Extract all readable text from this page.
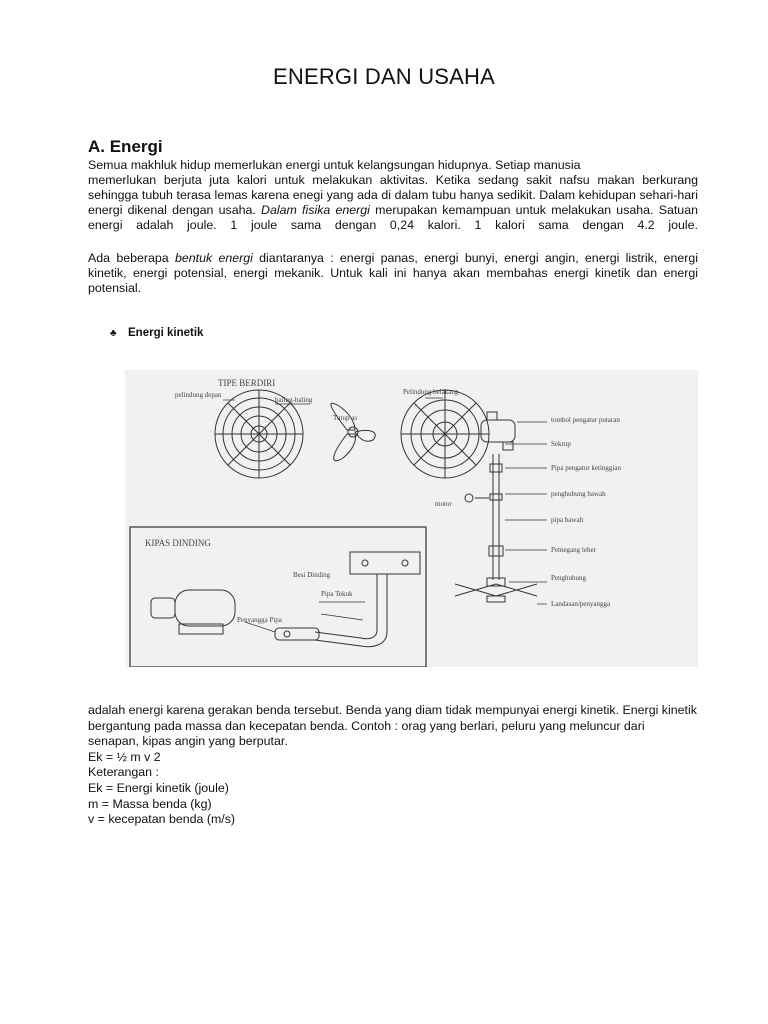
ENERGI DAN USAHA
A. Energi
Semua makhluk hidup memerlukan energi untuk kelangsungan hidupnya. Setiap manusia
memerlukan berjuta juta kalori untuk melakukan aktivitas. Ketika sedang sakit nafsu makan berkurang
sehingga tubuh terasa lemas karena enegi yang ada di dalam tubu hanya sedikit. Dalam kehidupan sehari-hari
energi dikenal dengan usaha. Dalam fisika energi merupakan kemampuan untuk melakukan usaha. Satuan
energi adalah joule. 1 joule sama dengan 0,24 kalori. 1 kalori sama dengan 4.2 joule.
Ada beberapa bentuk energi diantaranya : energi panas, energi bunyi, energi angin, energi listrik, energi
kinetik, energi potensial, energi mekanik. Untuk kali ini hanya akan membahas energi kinetik dan energi
potensial.
♣ Energi kinetik
TIPE BERDIRI
pelindung depan
baling-baling
Pelindung belakang
Tutup as	tombol pengatur putaran
Sekrup
Pipa pengatur ketinggian
motor
penghubung bawah
pipa bawah
Pemegang leher
Penghubung
Landasan/penyangga
KIPAS DINDING
Besi Dinding
Pipa Tekuk
Penyangga Pipa
adalah energi karena gerakan benda tersebut. Benda yang diam tidak mempunyai energi kinetik. Energi kinetik
bergantung pada massa dan kecepatan benda. Contoh : orag yang berlari, peluru yang meluncur dari
senapan, kipas angin yang berputar.
Ek = ½ m v 2
Keterangan :
Ek = Energi kinetik (joule)
m = Massa benda (kg)
v = kecepatan benda (m/s)
